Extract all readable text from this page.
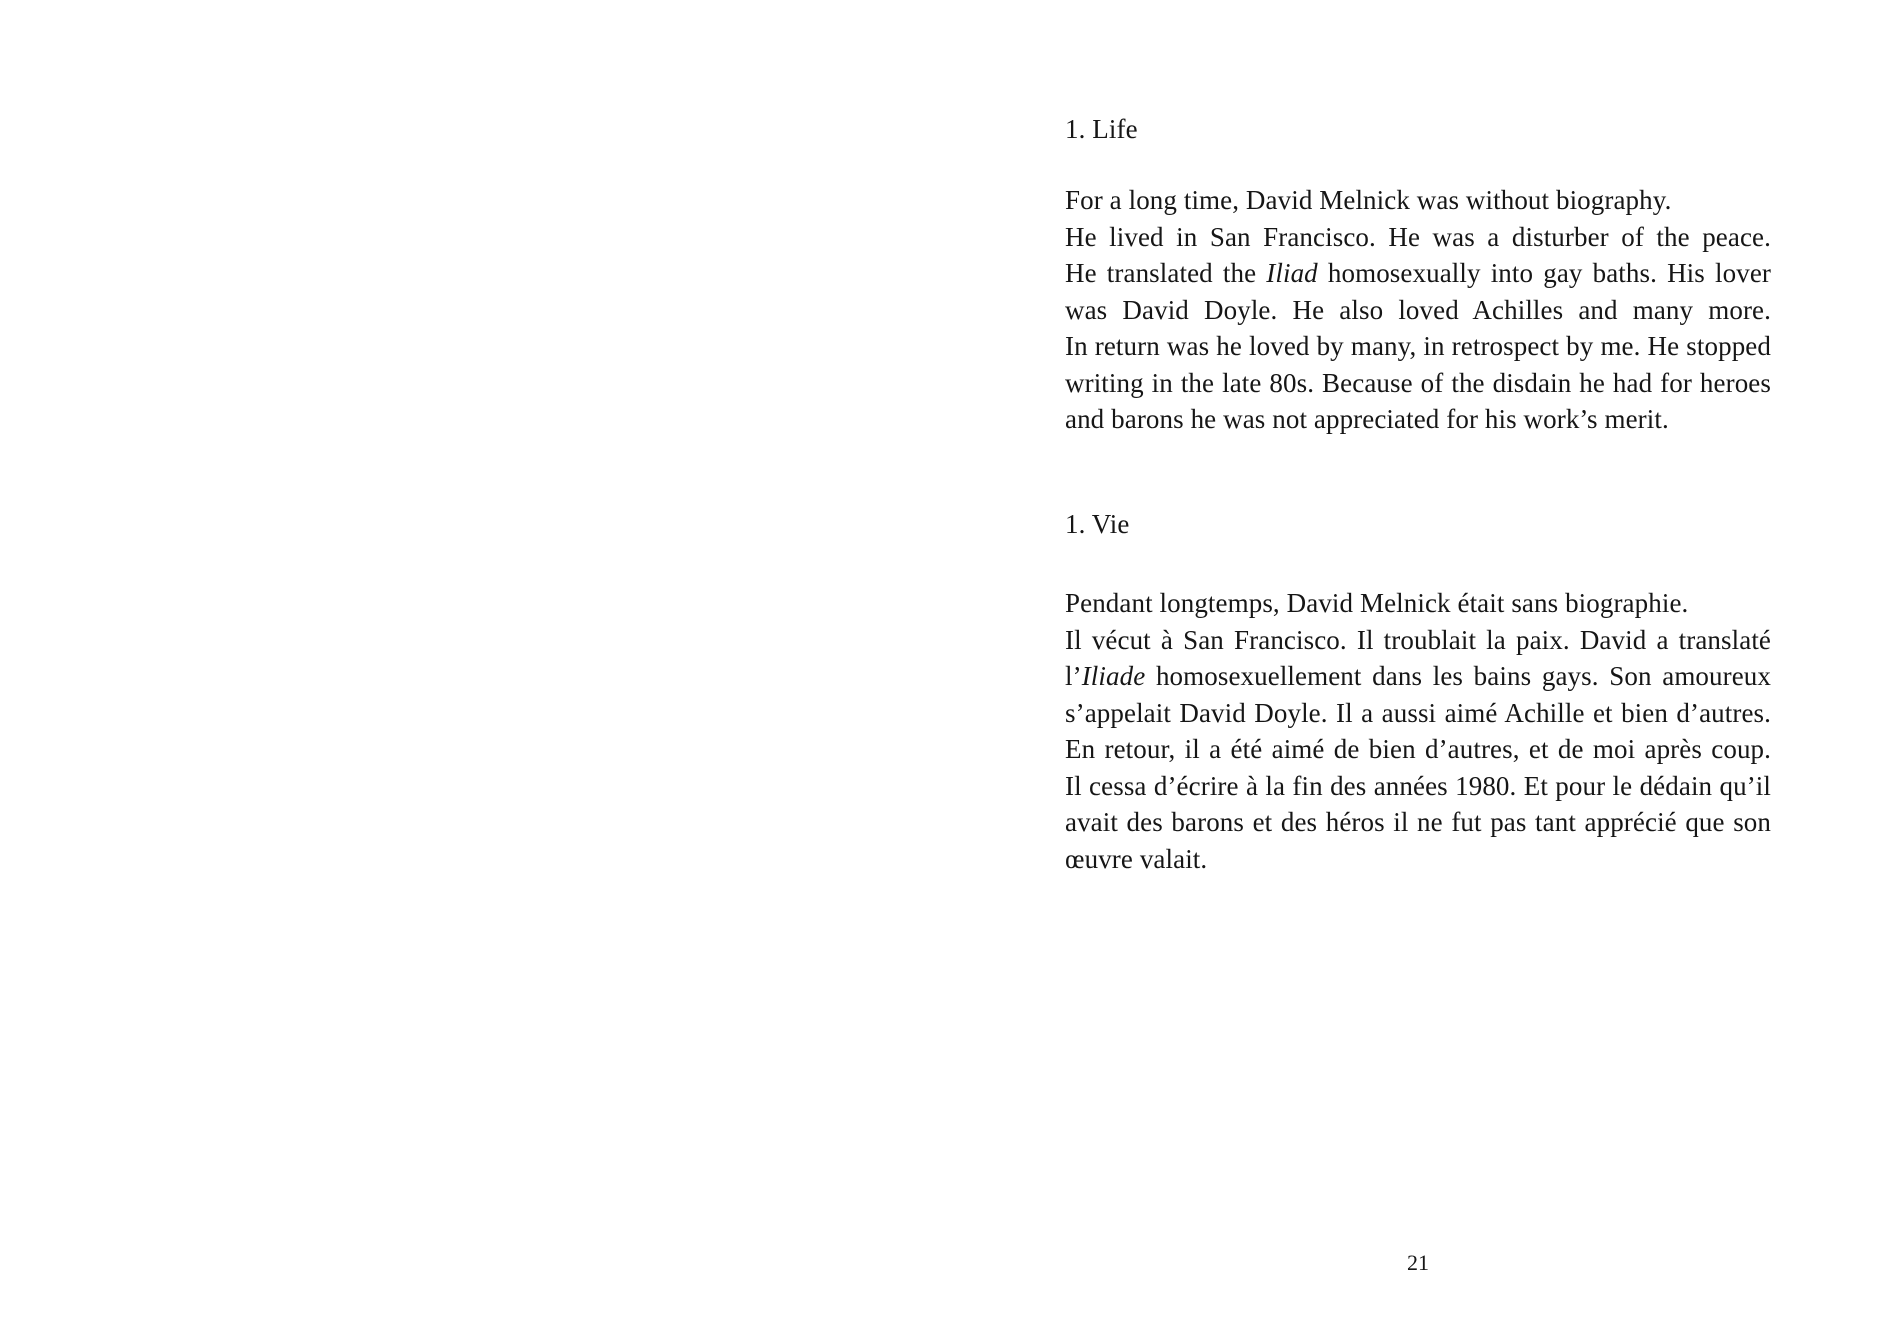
1. Life
For a long time, David Melnick was without biography.
He lived in San Francisco. He was a disturber of the peace.
He translated the Iliad homosexually into gay baths. His lover
was David Doyle. He also loved Achilles and many more.
In return was he loved by many, in retrospect by me. He stopped
writing in the late 80s. Because of the disdain he had for heroes
and barons he was not appreciated for his work’s merit.
1. Vie
Pendant longtemps, David Melnick était sans biographie.
Il vécut à San Francisco. Il troublait la paix. David a translaté
l’Iliade homosexuellement dans les bains gays. Son amoureux
s’appelait David Doyle. Il a aussi aimé Achille et bien d’autres.
En retour, il a été aimé de bien d’autres, et de moi après coup.
Il cessa d’écrire à la fin des années 1980. Et pour le dédain qu’il
avait des barons et des héros il ne fut pas tant apprécié que son
œuvre valait.
21
